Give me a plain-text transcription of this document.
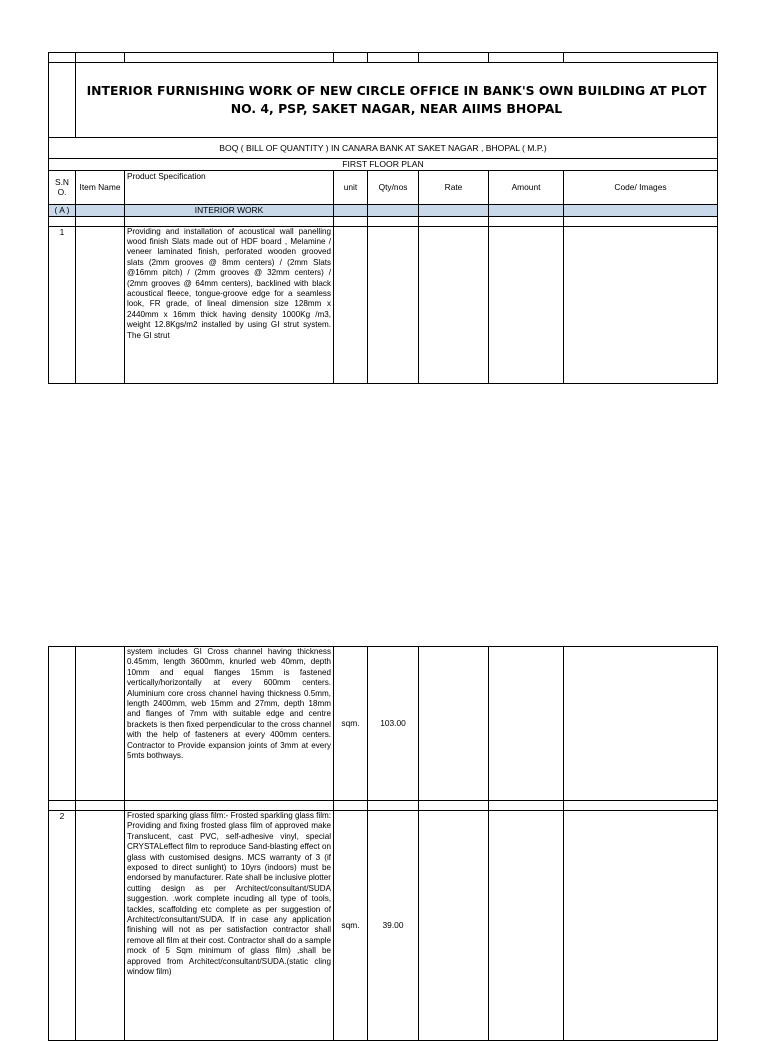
	INTERIOR FURNISHING WORK OF NEW CIRCLE OFFICE IN BANK'S OWN BUILDING AT PLOT NO. 4, PSP, SAKET NAGAR, NEAR AIIMS BHOPAL						
BOQ ( BILL OF QUANTITY ) IN CANARA BANK AT SAKET NAGAR , BHOPAL ( M.P.)							
FIRST FLOOR PLAN							
S.N O.	Item Name	Product Specification	unit	Qty/nos	Rate	Amount	Code/ Images
( A )		INTERIOR WORK					

1		Providing and installation of acoustical wall panelling wood finish Slats made out of HDF board , Melamine / veneer laminated finish, perforated wooden grooved slats (2mm grooves @ 8mm centers) / (2mm Slats @16mm pitch) / (2mm grooves @ 32mm centers) / (2mm grooves @ 64mm centers), backlined with black acoustical fleece, tongue-groove edge for a seamless look, FR grade, of lineal dimension size 128mm x 2440mm x 16mm thick having density 1000Kg /m3, weight 12.8Kgs/m2 installed by using GI strut system. The GI strut					
		system includes GI Cross channel having thickness 0.45mm, length 3600mm, knurled web 40mm, depth 10mm and equal flanges 15mm is fastened vertically/horizontally at every 600mm centers. Aluminium core cross channel having thickness 0.5mm, length 2400mm, web 15mm and 27mm, depth 18mm and flanges of 7mm with suitable edge and centre brackets is then fixed perpendicular to the cross channel with the help of fasteners at every 400mm centers. Contractor to Provide expansion joints of 3mm at every 5mts bothways.	sqm.	103.00			

2		Frosted sparking glass film:- Frosted sparkling glass film: Providing and fixing frosted glass film of approved make Translucent, cast PVC, self-adhesive vinyl, special CRYSTALeffect film to reproduce Sand-blasting effect on glass with customised designs. MCS warranty of 3 (if exposed to direct sunlight) to 10yrs (indoors) must be endorsed by manufacturer. Rate shall be inclusive plotter cutting design as per Architect/consultant/SUDA suggestion. .work complete incuding all type of tools, tackles, scaffolding etc complete as per suggestion of Architect/consultant/SUDA. If in case any application finishing will not as per satisfaction contractor shall remove all film at their cost. Contractor shall do a sample mock of 5 Sqm minimum of glass film) ,shall be approved from Architect/consultant/SUDA.(static cling window film)	sqm.	39.00			
